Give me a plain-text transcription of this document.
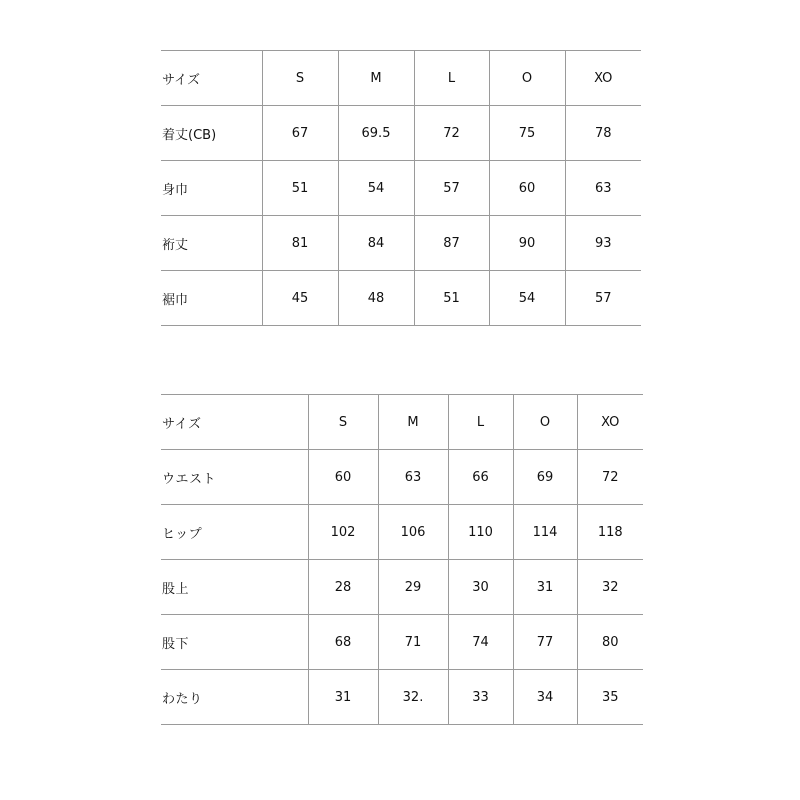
サイズ	S	M	L	O	XO
着丈(CB)	67	69.5	72	75	78
身巾	51	54	57	60	63
裄丈	81	84	87	90	93
裾巾	45	48	51	54	57
サイズ	S	M	L	O	XO
ウエスト	60	63	66	69	72
ヒップ	102	106	110	114	118
股上	28	29	30	31	32
股下	68	71	74	77	80
わたり	31	32.	33	34	35
